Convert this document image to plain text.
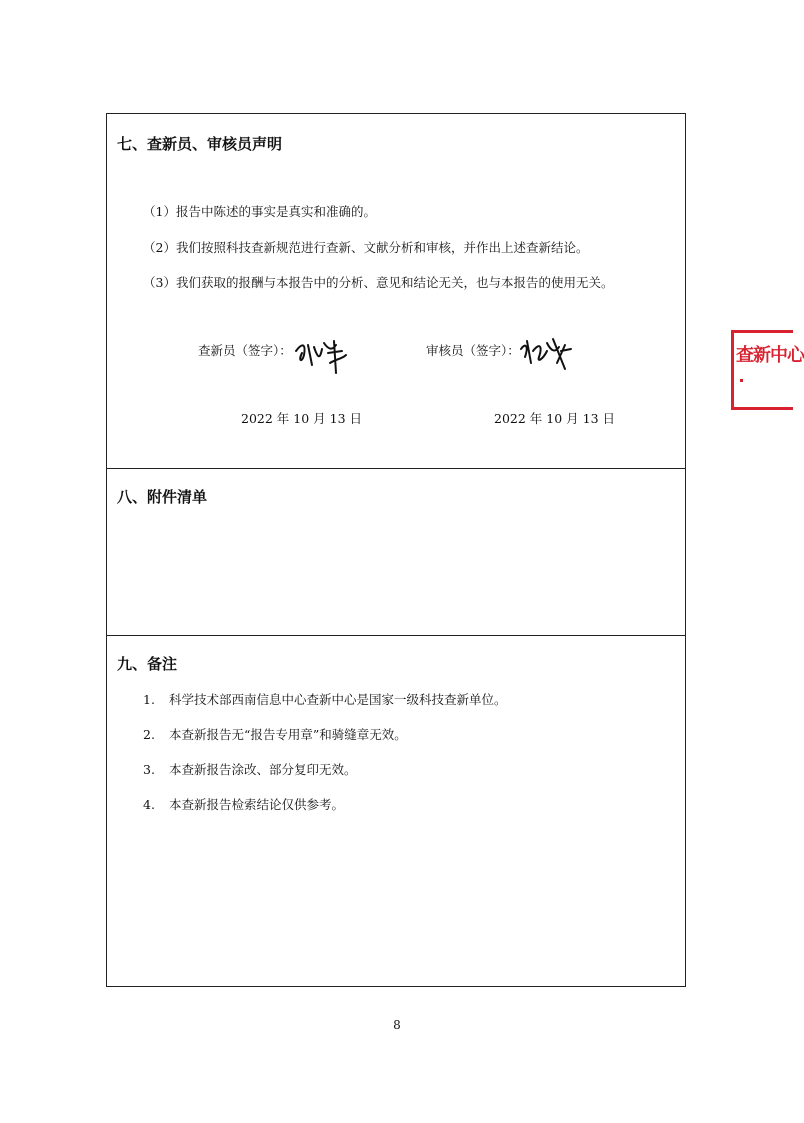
七、查新员、审核员声明
（1）报告中陈述的事实是真实和准确的。
（2）我们按照科技查新规范进行查新、文献分析和审核，并作出上述查新结论。
（3）我们获取的报酬与本报告中的分析、意见和结论无关，也与本报告的使用无关。
查新员（签字）：	审核员（签字）：
2022 年 10 月 13 日	2022 年 10 月 13 日
八、附件清单
九、备注
1. 科学技术部西南信息中心查新中心是国家一级科技查新单位。
2. 本查新报告无“报告专用章”和骑缝章无效。
3. 本查新报告涂改、部分复印无效。
4. 本查新报告检索结论仅供参考。
8
查新中心
